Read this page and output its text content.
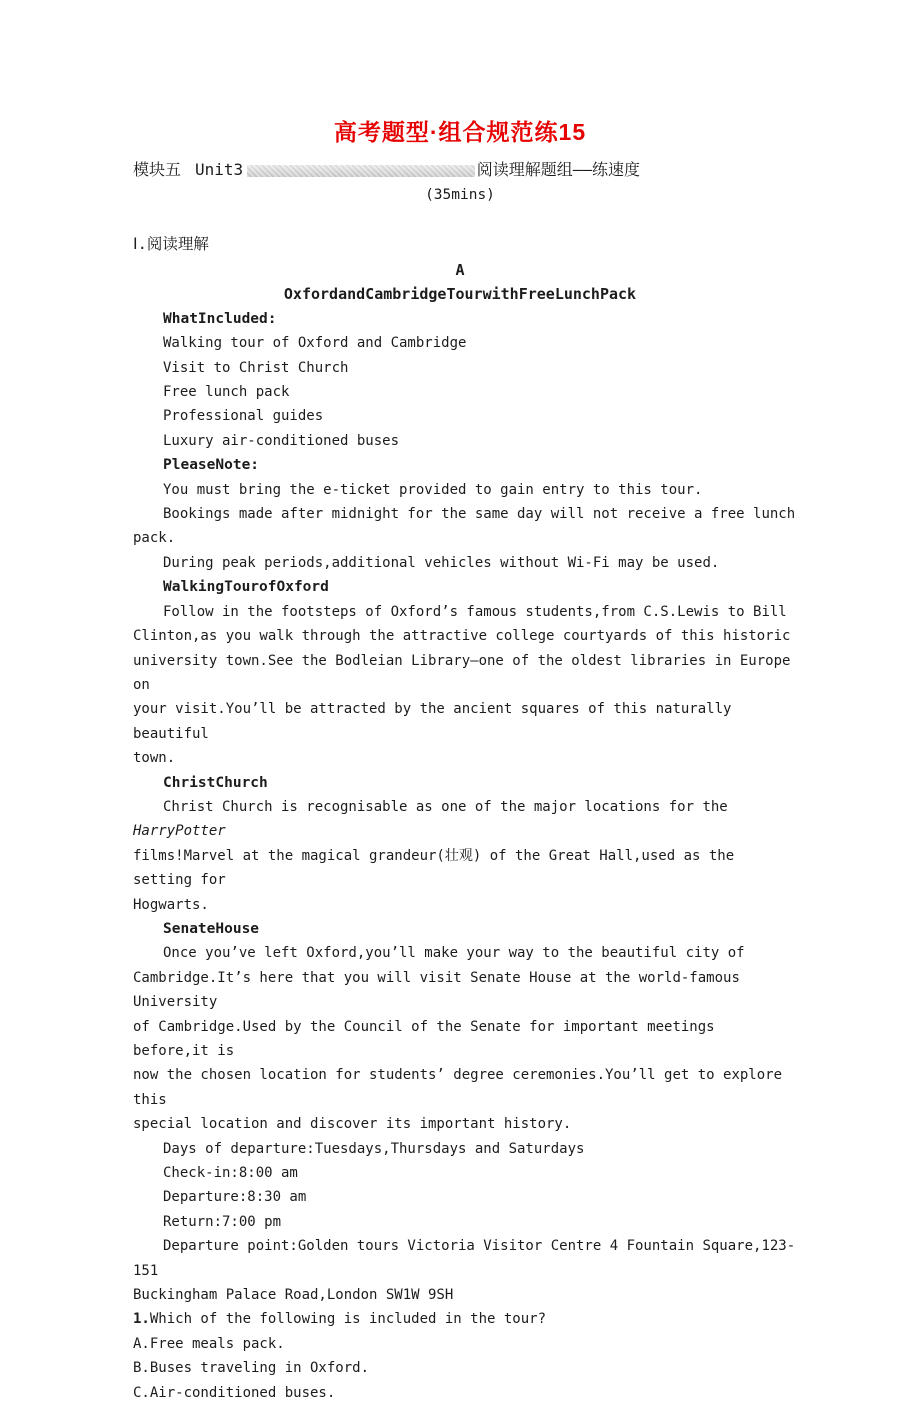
高考题型·组合规范练15
模块五 Unit3	阅读理解题组——练速度
(35mins)
Ⅰ.阅读理解
A
OxfordandCambridgeTourwithFreeLunchPack
WhatIncluded:
Walking tour of Oxford and Cambridge
Visit to Christ Church
Free lunch pack
Professional guides
Luxury air-conditioned buses
PleaseNote:
You must bring the e-ticket provided to gain entry to this tour.
Bookings made after midnight for the same day will not receive a free lunch pack.
During peak periods,additional vehicles without Wi-Fi may be used.
WalkingTourofOxford
Follow in the footsteps of Oxford’s famous students,from C.S.Lewis to Bill
Clinton,as you walk through the attractive college courtyards of this historic
university town.See the Bodleian Library—one of the oldest libraries in Europe on
your visit.You’ll be attracted by the ancient squares of this naturally beautiful
town.
ChristChurch
Christ Church is recognisable as one of the major locations for the HarryPotter
films!Marvel at the magical grandeur(壮观) of the Great Hall,used as the setting for
Hogwarts.
SenateHouse
Once you’ve left Oxford,you’ll make your way to the beautiful city of
Cambridge.It’s here that you will visit Senate House at the world-famous University
of Cambridge.Used by the Council of the Senate for important meetings before,it is
now the chosen location for students’ degree ceremonies.You’ll get to explore this
special location and discover its important history.
Days of departure:Tuesdays,Thursdays and Saturdays
Check-in:8:00 am
Departure:8:30 am
Return:7:00 pm
Departure point:Golden tours Victoria Visitor Centre 4 Fountain Square,123-151
Buckingham Palace Road,London SW1W 9SH
1.Which of the following is included in the tour?
A.Free meals pack.
B.Buses traveling in Oxford.
C.Air-conditioned buses.
